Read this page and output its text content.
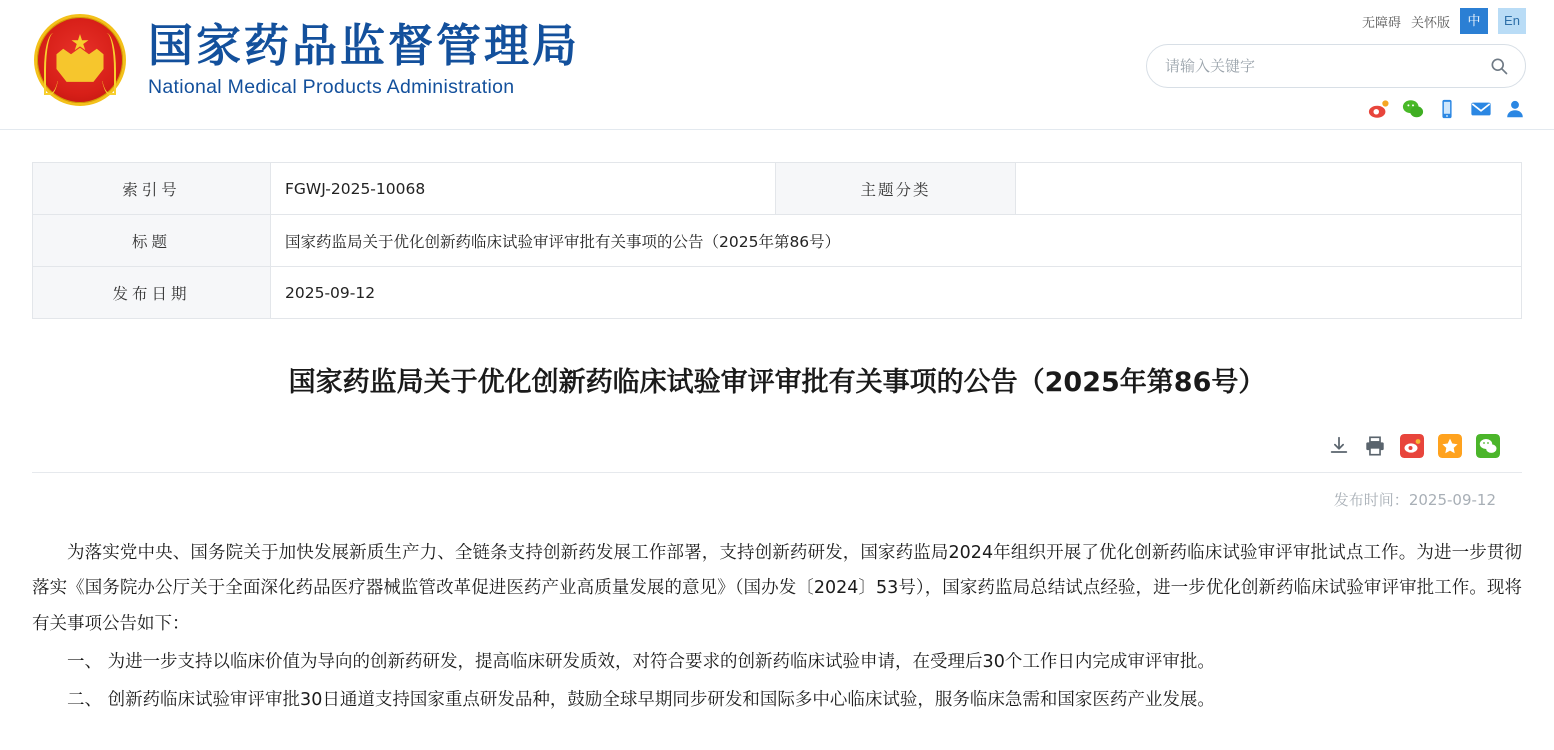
★ 国家药品监督管理局
National Medical Products Administration
无障碍 关怀版	中	En
请输入关键字
索引号	FGWJ-2025-10068	主题分类	
标题	国家药监局关于优化创新药临床试验审评审批有关事项的公告（2025年第86号）		
发布日期	2025-09-12		
国家药监局关于优化创新药临床试验审评审批有关事项的公告（2025年第86号）
发布时间：2025-09-12

为落实党中央、国务院关于加快发展新质生产力、全链条支持创新药发展工作部署，支持创新药研发，国家药监局2024年组织开展了优化创新药临床试验审评审批试点工作。为进一步贯彻落实《国务院办公厅关于全面深化药品医疗器械监管改革促进医药产业高质量发展的意见》（国办发〔2024〕53号），国家药监局总结试点经验，进一步优化创新药临床试验审评审批工作。现将有关事项公告如下：

一、 为进一步支持以临床价值为导向的创新药研发，提高临床研发质效，对符合要求的创新药临床试验申请，在受理后30个工作日内完成审评审批。

二、 创新药临床试验审评审批30日通道支持国家重点研发品种，鼓励全球早期同步研发和国际多中心临床试验，服务临床急需和国家医药产业发展。
